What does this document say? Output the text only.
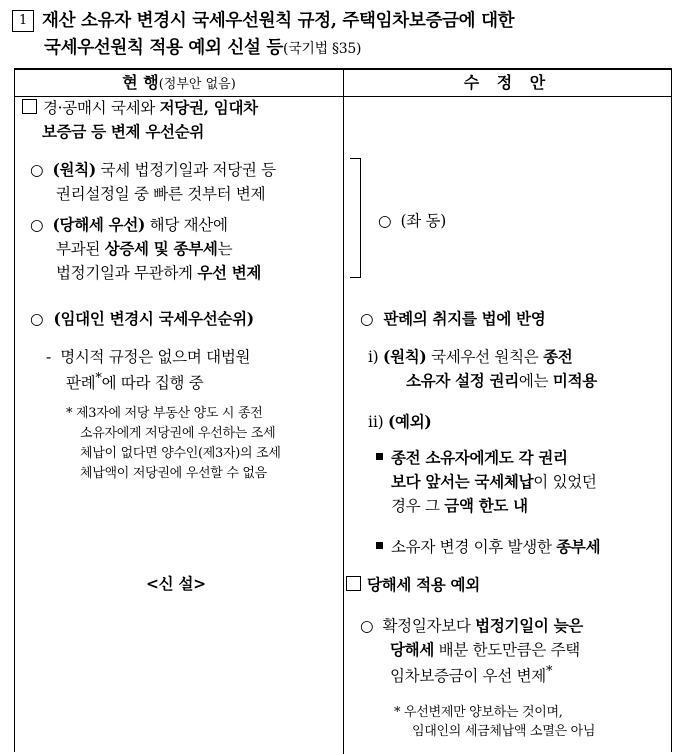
1 재산 소유자 변경시 국세우선원칙 규정, 주택임차보증금에 대한
국세우선원칙 적용 예외 신설 등(국기법 §35)
현 행(정부안 없음)	수 정 안
경·공매시 국세와 저당권, 임대차
보증금 등 변제 우선순위
○ (원칙) 국세 법정기일과 저당권 등
권리설정일 중 빠른 것부터 변제
○ (당해세 우선) 해당 재산에
부과된 상증세 및 종부세는
법정기일과 무관하게 우선 변제
○ (임대인 변경시 국세우선순위)
- 명시적 규정은 없으며 대법원
판례*에 따라 집행 중
* 제3자에 저당 부동산 양도 시 종전
소유자에게 저당권에 우선하는 조세
체납이 없다면 양수인(제3자)의 조세
체납액이 저당권에 우선할 수 없음
<신 설>
○ (좌 동)
○ 판례의 취지를 법에 반영
ⅰ) (원칙) 국세우선 원칙은 종전
소유자 설정 권리에는 미적용
ⅱ) (예외)
종전 소유자에게도 각 권리
보다 앞서는 국세체납이 있었던
경우 그 금액 한도 내
소유자 변경 이후 발생한 종부세
당해세 적용 예외
○ 확정일자보다 법정기일이 늦은
당해세 배분 한도만큼은 주택
임차보증금이 우선 변제*
* 우선변제만 양보하는 것이며,
임대인의 세금체납액 소멸은 아님
